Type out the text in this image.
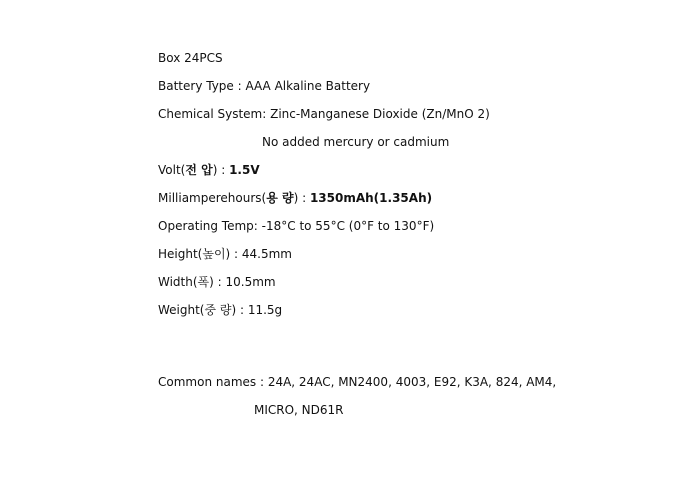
Box 24PCS
Battery Type : AAA Alkaline Battery
Chemical System: Zinc-Manganese Dioxide (Zn/MnO 2)
No added mercury or cadmium
Volt(전 압) : 1.5V
Milliamperehours(용 량) : 1350mAh(1.35Ah)
Operating Temp: -18°C to 55°C (0°F to 130°F)
Height(높이) : 44.5mm
Width(폭) : 10.5mm
Weight(중 량) : 11.5g
Common names : 24A, 24AC, MN2400, 4003, E92, K3A, 824, AM4,
MICRO, ND61R
